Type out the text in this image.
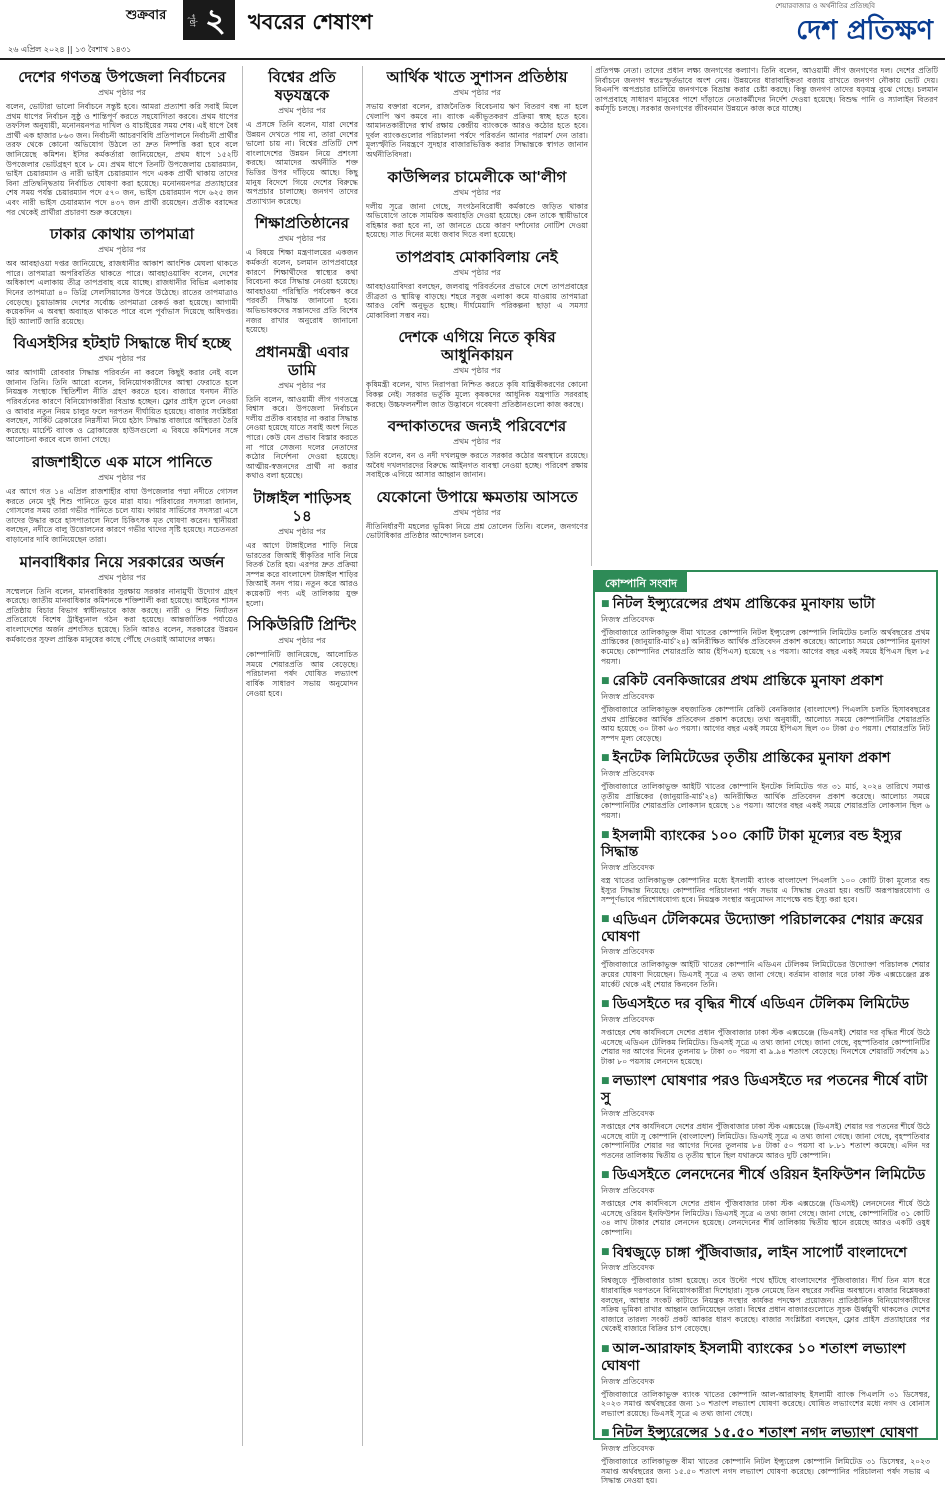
শুক্রবার
২৬ এপ্রিল ২০২৪ || ১৩ বৈশাখ ১৪৩১
পৃষ্ঠা ২ খবরের শেষাংশ
শেয়ারবাজার ও অর্থনীতির প্রতিচ্ছবি
দেশ প্রতিক্ষণ
দেশের গণতন্ত্র উপজেলা নির্বাচনের
প্রথম পৃষ্ঠার পর

বলেন, ভোটারা ভালো নির্বাচনে সন্তুষ্ট হবে। আমরা প্রত্যাশা করি সবাই মিলে প্রথম ধাপের নির্বাচন সুষ্ঠু ও শান্তিপূর্ণ করতে সহযোগিতা করবে। প্রথম ধাপের তফসিল অনুযায়ী, মনোনয়নপত্র দাখিল ও যাচাইয়ের সময় শেষ। এই ধাপে বৈধ প্রার্থী এক হাজার ৮৬৩ জন। নির্বাচনী আচরণবিধি প্রতিপালনে নির্বাচনী প্রার্থীর তরফ থেকে কোনো অভিযোগ উঠলে তা দ্রুত নিষ্পত্তি করা হবে বলে জানিয়েছে কমিশন। ইসির কর্মকর্তারা জানিয়েছেন, প্রথম ধাপে ১৫২টি উপজেলার ভোটগ্রহণ হবে ৮ মে। প্রথম ধাপে তিনটি উপজেলায় চেয়ারম্যান, ভাইস চেয়ারম্যান ও নারী ভাইস চেয়ারম্যান পদে একক প্রার্থী থাকায় তাদের বিনা প্রতিদ্বন্দ্বিতায় নির্বাচিত ঘোষণা করা হয়েছে। মনোনয়নপত্র প্রত্যাহারের শেষ সময় পর্যন্ত চেয়ারম্যান পদে ৫৭০ জন, ভাইস চেয়ারম্যান পদে ৬২৫ জন এবং নারী ভাইস চেয়ারম্যান পদে ৪৩৭ জন প্রার্থী রয়েছেন। প্রতীক বরাদ্দের পর থেকেই প্রার্থীরা প্রচারণা শুরু করেছেন।

ঢাকার কোথায় তাপমাত্রা
প্রথম পৃষ্ঠার পর

অব আবহাওয়া দপ্তর জানিয়েছে, রাজধানীর আকাশ আংশিক মেঘলা থাকতে পারে। তাপমাত্রা অপরিবর্তিত থাকতে পারে। আবহাওয়াবিদ বলেন, দেশের অধিকাংশ এলাকায় তীব্র তাপপ্রবাহ বয়ে যাচ্ছে। রাজধানীর বিভিন্ন এলাকায় দিনের তাপমাত্রা ৪০ ডিগ্রি সেলসিয়াসের উপরে উঠেছে। রাতের তাপমাত্রাও বেড়েছে। চুয়াডাঙ্গায় দেশের সর্বোচ্চ তাপমাত্রা রেকর্ড করা হয়েছে। আগামী কয়েকদিন এ অবস্থা অব্যাহত থাকতে পারে বলে পূর্বাভাস দিয়েছে অধিদপ্তর। হিট অ্যালার্ট জারি রয়েছে।

বিএসইসির হটহাট সিদ্ধান্তে দীর্ঘ হচ্ছে
প্রথম পৃষ্ঠার পর

আর আগামী রোববার সিদ্ধান্ত পরিবর্তন না করলে কিছুই করার নেই বলে জানান তিনি। তিনি আরো বলেন, বিনিয়োগকারীদের আস্থা ফেরাতে হলে নিয়ন্ত্রক সংস্থাকে স্থিতিশীল নীতি গ্রহণ করতে হবে। বাজারে ঘনঘন নীতি পরিবর্তনের কারণে বিনিয়োগকারীরা বিভ্রান্ত হচ্ছেন। ফ্লোর প্রাইস তুলে নেওয়া ও আবার নতুন নিয়ম চালুর ফলে দরপতন দীর্ঘায়িত হয়েছে। বাজার সংশ্লিষ্টরা বলছেন, সার্কিট ব্রেকারের নিম্নসীমা নিয়ে হঠাৎ সিদ্ধান্ত বাজারে অস্থিরতা তৈরি করেছে। মার্চেন্ট ব্যাংক ও ব্রোকারেজ হাউসগুলো এ বিষয়ে কমিশনের সঙ্গে আলোচনা করবে বলে জানা গেছে।

রাজশাহীতে এক মাসে পানিতে
প্রথম পৃষ্ঠার পর

এর আগে গত ১৪ এপ্রিল রাজশাহীর বাঘা উপজেলার পদ্মা নদীতে গোসল করতে নেমে দুই শিশু পানিতে ডুবে মারা যায়। পরিবারের সদস্যরা জানান, গোসলের সময় তারা গভীর পানিতে চলে যায়। ফায়ার সার্ভিসের সদস্যরা এসে তাদের উদ্ধার করে হাসপাতালে নিলে চিকিৎসক মৃত ঘোষণা করেন। স্থানীয়রা বলছেন, নদীতে বালু উত্তোলনের কারণে গভীর খাদের সৃষ্টি হয়েছে। সচেতনতা বাড়ানোর দাবি জানিয়েছেন তারা।

মানবাধিকার নিয়ে সরকারের অর্জন
প্রথম পৃষ্ঠার পর

সম্মেলনে তিনি বলেন, মানবাধিকার সুরক্ষায় সরকার নানামুখী উদ্যোগ গ্রহণ করেছে। জাতীয় মানবাধিকার কমিশনকে শক্তিশালী করা হয়েছে। আইনের শাসন প্রতিষ্ঠায় বিচার বিভাগ স্বাধীনভাবে কাজ করছে। নারী ও শিশু নির্যাতন প্রতিরোধে বিশেষ ট্রাইব্যুনাল গঠন করা হয়েছে। আন্তর্জাতিক পর্যায়েও বাংলাদেশের অর্জন প্রশংসিত হয়েছে। তিনি আরও বলেন, সরকারের উন্নয়ন কর্মকাণ্ডের সুফল প্রান্তিক মানুষের কাছে পৌঁছে দেওয়াই আমাদের লক্ষ্য।

বিশ্বের প্রতি ষড়যন্ত্রকে
প্রথম পৃষ্ঠার পর

এ প্রসঙ্গে তিনি বলেন, যারা দেশের উন্নয়ন দেখতে পায় না, তারা দেশের ভালো চায় না। বিশ্বের প্রতিটি দেশ বাংলাদেশের উন্নয়ন নিয়ে প্রশংসা করছে। আমাদের অর্থনীতি শক্ত ভিত্তির উপর দাঁড়িয়ে আছে। কিছু মানুষ বিদেশে গিয়ে দেশের বিরুদ্ধে অপপ্রচার চালাচ্ছে। জনগণ তাদের প্রত্যাখ্যান করেছে।

শিক্ষাপ্রতিষ্ঠানের
প্রথম পৃষ্ঠার পর

এ বিষয়ে শিক্ষা মন্ত্রণালয়ের একজন কর্মকর্তা বলেন, চলমান তাপপ্রবাহের কারণে শিক্ষার্থীদের স্বাস্থ্যের কথা বিবেচনা করে সিদ্ধান্ত নেওয়া হয়েছে। আবহাওয়া পরিস্থিতি পর্যবেক্ষণ করে পরবর্তী সিদ্ধান্ত জানানো হবে। অভিভাবকদের সন্তানদের প্রতি বিশেষ নজর রাখার অনুরোধ জানানো হয়েছে।

প্রধানমন্ত্রী এবার ডামি
প্রথম পৃষ্ঠার পর

তিনি বলেন, আওয়ামী লীগ গণতন্ত্রে বিশ্বাস করে। উপজেলা নির্বাচনে দলীয় প্রতীক ব্যবহার না করার সিদ্ধান্ত নেওয়া হয়েছে যাতে সবাই অংশ নিতে পারে। কেউ যেন প্রভাব বিস্তার করতে না পারে সেজন্য দলের নেতাদের কঠোর নির্দেশনা দেওয়া হয়েছে। আত্মীয়-স্বজনদের প্রার্থী না করার কথাও বলা হয়েছে।

টাঙ্গাইল শাড়িসহ ১৪
প্রথম পৃষ্ঠার পর

এর আগে টাঙ্গাইলের শাড়ি নিয়ে ভারতের জিআই স্বীকৃতির দাবি নিয়ে বিতর্ক তৈরি হয়। এরপর দ্রুত প্রক্রিয়া সম্পন্ন করে বাংলাদেশ টাঙ্গাইল শাড়ির জিআই সনদ পায়। নতুন করে আরও কয়েকটি পণ্য এই তালিকায় যুক্ত হলো।

সিকিউরিটি প্রিন্টিং
প্রথম পৃষ্ঠার পর

কোম্পানিটি জানিয়েছে, আলোচিত সময়ে শেয়ারপ্রতি আয় বেড়েছে। পরিচালনা পর্ষদ ঘোষিত লভ্যাংশ বার্ষিক সাধারণ সভায় অনুমোদন নেওয়া হবে।

আর্থিক খাতে সুশাসন প্রতিষ্ঠায়
প্রথম পৃষ্ঠার পর

সভায় বক্তারা বলেন, রাজনৈতিক বিবেচনায় ঋণ বিতরণ বন্ধ না হলে খেলাপি ঋণ কমবে না। ব্যাংক একীভূতকরণ প্রক্রিয়া স্বচ্ছ হতে হবে। আমানতকারীদের স্বার্থ রক্ষায় কেন্দ্রীয় ব্যাংককে আরও কঠোর হতে হবে। দুর্বল ব্যাংকগুলোর পরিচালনা পর্ষদে পরিবর্তন আনার পরামর্শ দেন তারা। মূল্যস্ফীতি নিয়ন্ত্রণে সুদহার বাজারভিত্তিক করার সিদ্ধান্তকে স্বাগত জানান অর্থনীতিবিদরা।

কাউন্সিলর চামেলীকে আ'লীগ
প্রথম পৃষ্ঠার পর

দলীয় সূত্রে জানা গেছে, সংগঠনবিরোধী কর্মকাণ্ডে জড়িত থাকার অভিযোগে তাকে সাময়িক অব্যাহতি দেওয়া হয়েছে। কেন তাকে স্থায়ীভাবে বহিষ্কার করা হবে না, তা জানতে চেয়ে কারণ দর্শানোর নোটিশ দেওয়া হয়েছে। সাত দিনের মধ্যে জবাব দিতে বলা হয়েছে।

তাপপ্রবাহ মোকাবিলায় নেই
প্রথম পৃষ্ঠার পর

আবহাওয়াবিদরা বলছেন, জলবায়ু পরিবর্তনের প্রভাবে দেশে তাপপ্রবাহের তীব্রতা ও স্থায়িত্ব বাড়ছে। শহরে সবুজ এলাকা কমে যাওয়ায় তাপমাত্রা আরও বেশি অনুভূত হচ্ছে। দীর্ঘমেয়াদি পরিকল্পনা ছাড়া এ সমস্যা মোকাবিলা সম্ভব নয়।

দেশকে এগিয়ে নিতে কৃষির আধুনিকায়ন
প্রথম পৃষ্ঠার পর

কৃষিমন্ত্রী বলেন, খাদ্য নিরাপত্তা নিশ্চিত করতে কৃষি যান্ত্রিকীকরণের কোনো বিকল্প নেই। সরকার ভর্তুকি মূল্যে কৃষকদের আধুনিক যন্ত্রপাতি সরবরাহ করছে। উচ্চফলনশীল জাত উদ্ভাবনে গবেষণা প্রতিষ্ঠানগুলো কাজ করছে।

বন্দাকাতদের জন্যই পরিবেশের
প্রথম পৃষ্ঠার পর

তিনি বলেন, বন ও নদী দখলমুক্ত করতে সরকার কঠোর অবস্থানে রয়েছে। অবৈধ দখলদারদের বিরুদ্ধে আইনগত ব্যবস্থা নেওয়া হচ্ছে। পরিবেশ রক্ষায় সবাইকে এগিয়ে আসার আহ্বান জানান।

যেকোনো উপায়ে ক্ষমতায় আসতে
প্রথম পৃষ্ঠার পর

নীতিনির্ধারণী মহলের ভূমিকা নিয়ে প্রশ্ন তোলেন তিনি। বলেন, জনগণের ভোটাধিকার প্রতিষ্ঠার আন্দোলন চলবে।

প্রতিপক্ষ নেতা। তাদের প্রধান লক্ষ্য জনগণের কল্যাণ। তিনি বলেন, আওয়ামী লীগ জনগণের দল। দেশের প্রতিটি নির্বাচনে জনগণ স্বতঃস্ফূর্তভাবে অংশ নেয়। উন্নয়নের ধারাবাহিকতা বজায় রাখতে জনগণ নৌকায় ভোট দেয়। বিএনপি অপপ্রচার চালিয়ে জনগণকে বিভ্রান্ত করার চেষ্টা করছে। কিন্তু জনগণ তাদের ষড়যন্ত্র বুঝে গেছে। চলমান তাপপ্রবাহে সাধারণ মানুষের পাশে দাঁড়াতে নেতাকর্মীদের নির্দেশ দেওয়া হয়েছে। বিশুদ্ধ পানি ও স্যালাইন বিতরণ কর্মসূচি চলছে। সরকার জনগণের জীবনমান উন্নয়নে কাজ করে যাচ্ছে।

কোম্পানি সংবাদ
■ নিটল ইন্স্যুরেন্সের প্রথম প্রান্তিকের মুনাফায় ভাটা
নিজস্ব প্রতিবেদক

পুঁজিবাজারে তালিকাভুক্ত বীমা খাতের কোম্পানি নিটল ইন্স্যুরেন্স কোম্পানি লিমিটেড চলতি অর্থবছরের প্রথম প্রান্তিকের (জানুয়ারি-মার্চ'২৪) অনিরীক্ষিত আর্থিক প্রতিবেদন প্রকাশ করেছে। আলোচ্য সময়ে কোম্পানির মুনাফা কমেছে। কোম্পানির শেয়ারপ্রতি আয় (ইপিএস) হয়েছে ৭৪ পয়সা। আগের বছর একই সময়ে ইপিএস ছিল ৮৫ পয়সা।

■ রেকিট বেনকিজারের প্রথম প্রান্তিকে মুনাফা প্রকাশ
নিজস্ব প্রতিবেদক

পুঁজিবাজারে তালিকাভুক্ত বহুজাতিক কোম্পানি রেকিট বেনকিজার (বাংলাদেশ) পিএলসি চলতি হিসাববছরের প্রথম প্রান্তিকের আর্থিক প্রতিবেদন প্রকাশ করেছে। তথ্য অনুযায়ী, আলোচ্য সময়ে কোম্পানিটির শেয়ারপ্রতি আয় হয়েছে ৩০ টাকা ৬৩ পয়সা। আগের বছর একই সময়ে ইপিএস ছিল ৩০ টাকা ৫৩ পয়সা। শেয়ারপ্রতি নিট সম্পদ মূল্য বেড়েছে।

■ ইনটেক লিমিটেডের তৃতীয় প্রান্তিকের মুনাফা প্রকাশ
নিজস্ব প্রতিবেদক

পুঁজিবাজারে তালিকাভুক্ত আইটি খাতের কোম্পানি ইনটেক লিমিটেড গত ৩১ মার্চ, ২০২৪ তারিখে সমাপ্ত তৃতীয় প্রান্তিকের (জানুয়ারি-মার্চ'২৪) অনিরীক্ষিত আর্থিক প্রতিবেদন প্রকাশ করেছে। আলোচ্য সময়ে কোম্পানিটির শেয়ারপ্রতি লোকসান হয়েছে ১৪ পয়সা। আগের বছর একই সময়ে শেয়ারপ্রতি লোকসান ছিল ৬ পয়সা।

■ ইসলামী ব্যাংকের ১০০ কোটি টাকা মূল্যের বন্ড ইস্যুর সিদ্ধান্ত
নিজস্ব প্রতিবেদক

বস্ত্র খাতের তালিকাভুক্ত কোম্পানির মধ্যে ইসলামী ব্যাংক বাংলাদেশ পিএলসি ১০০ কোটি টাকা মূল্যের বন্ড ইস্যুর সিদ্ধান্ত নিয়েছে। কোম্পানির পরিচালনা পর্ষদ সভায় এ সিদ্ধান্ত নেওয়া হয়। বন্ডটি অরূপান্তরযোগ্য ও সম্পূর্ণভাবে পরিশোধযোগ্য হবে। নিয়ন্ত্রক সংস্থার অনুমোদন সাপেক্ষে বন্ড ইস্যু করা হবে।

■ এডিএন টেলিকমের উদ্যোক্তা পরিচালকের শেয়ার ক্রয়ের ঘোষণা
নিজস্ব প্রতিবেদক

পুঁজিবাজারে তালিকাভুক্ত আইটি খাতের কোম্পানি এডিএন টেলিকম লিমিটেডের উদ্যোক্তা পরিচালক শেয়ার ক্রয়ের ঘোষণা দিয়েছেন। ডিএসই সূত্রে এ তথ্য জানা গেছে। বর্তমান বাজার দরে ঢাকা স্টক এক্সচেঞ্জের ব্লক মার্কেট থেকে এই শেয়ার কিনবেন তিনি।

■ ডিএসইতে দর বৃদ্ধির শীর্ষে এডিএন টেলিকম লিমিটেড
নিজস্ব প্রতিবেদক

সপ্তাহের শেষ কার্যদিবসে দেশের প্রধান পুঁজিবাজার ঢাকা স্টক এক্সচেঞ্জে (ডিএসই) শেয়ার দর বৃদ্ধির শীর্ষে উঠে এসেছে এডিএন টেলিকম লিমিটেড। ডিএসই সূত্রে এ তথ্য জানা গেছে। জানা গেছে, বৃহস্পতিবার কোম্পানিটির শেয়ার দর আগের দিনের তুলনায় ৮ টাকা ৩০ পয়সা বা ৯.৯৪ শতাংশ বেড়েছে। দিনশেষে শেয়ারটি সর্বশেষ ৯১ টাকা ৮০ পয়সায় লেনদেন হয়েছে।

■ লভ্যাংশ ঘোষণার পরও ডিএসইতে দর পতনের শীর্ষে বাটা সু
নিজস্ব প্রতিবেদক

সপ্তাহের শেষ কার্যদিবসে দেশের প্রধান পুঁজিবাজার ঢাকা স্টক এক্সচেঞ্জে (ডিএসই) শেয়ার দর পতনের শীর্ষে উঠে এসেছে বাটা সু কোম্পানি (বাংলাদেশ) লিমিটেড। ডিএসই সূত্রে এ তথ্য জানা গেছে। জানা গেছে, বৃহস্পতিবার কোম্পানিটির শেয়ার দর আগের দিনের তুলনায় ৮৪ টাকা ৫০ পয়সা বা ৮.৮১ শতাংশ কমেছে। এদিন দর পতনের তালিকায় দ্বিতীয় ও তৃতীয় স্থানে ছিল যথাক্রমে আরও দুটি কোম্পানি।

■ ডিএসইতে লেনদেনের শীর্ষে ওরিয়ন ইনফিউশন লিমিটেড
নিজস্ব প্রতিবেদক

সপ্তাহের শেষ কার্যদিবসে দেশের প্রধান পুঁজিবাজার ঢাকা স্টক এক্সচেঞ্জে (ডিএসই) লেনদেনের শীর্ষে উঠে এসেছে ওরিয়ন ইনফিউশন লিমিটেড। ডিএসই সূত্রে এ তথ্য জানা গেছে। জানা গেছে, কোম্পানিটির ৩১ কোটি ৩৪ লাখ টাকার শেয়ার লেনদেন হয়েছে। লেনদেনের শীর্ষ তালিকায় দ্বিতীয় স্থানে রয়েছে আরও একটি ওষুধ কোম্পানি।

■ বিশ্বজুড়ে চাঙ্গা পুঁজিবাজার, লাইন সাপোর্ট বাংলাদেশে
নিজস্ব প্রতিবেদক

বিশ্বজুড়ে পুঁজিবাজার চাঙ্গা হয়েছে। তবে উল্টো পথে হাঁটছে বাংলাদেশের পুঁজিবাজার। দীর্ঘ তিন মাস ধরে ধারাবাহিক দরপতনে বিনিয়োগকারীরা দিশেহারা। সূচক নেমেছে তিন বছরের সর্বনিম্ন অবস্থানে। বাজার বিশ্লেষকরা বলছেন, আস্থার সংকট কাটাতে নিয়ন্ত্রক সংস্থার কার্যকর পদক্ষেপ প্রয়োজন। প্রাতিষ্ঠানিক বিনিয়োগকারীদের সক্রিয় ভূমিকা রাখার আহ্বান জানিয়েছেন তারা। বিশ্বের প্রধান বাজারগুলোতে সূচক ঊর্ধ্বমুখী থাকলেও দেশের বাজারে তারল্য সংকট প্রকট আকার ধারণ করেছে। বাজার সংশ্লিষ্টরা বলছেন, ফ্লোর প্রাইস প্রত্যাহারের পর থেকেই বাজারে বিক্রির চাপ বেড়েছে।

■ আল-আরাফাহ ইসলামী ব্যাংকের ১০ শতাংশ লভ্যাংশ ঘোষণা
নিজস্ব প্রতিবেদক

পুঁজিবাজারে তালিকাভুক্ত ব্যাংক খাতের কোম্পানি আল-আরাফাহ ইসলামী ব্যাংক পিএলসি ৩১ ডিসেম্বর, ২০২৩ সমাপ্ত অর্থবছরের জন্য ১০ শতাংশ লভ্যাংশ ঘোষণা করেছে। ঘোষিত লভ্যাংশের মধ্যে নগদ ও বোনাস লভ্যাংশ রয়েছে। ডিএসই সূত্রে এ তথ্য জানা গেছে।

■ নিটল ইন্স্যুরেন্সের ১৫.৫০ শতাংশ নগদ লভ্যাংশ ঘোষণা
নিজস্ব প্রতিবেদক

পুঁজিবাজারে তালিকাভুক্ত বীমা খাতের কোম্পানি নিটল ইন্স্যুরেন্স কোম্পানি লিমিটেড ৩১ ডিসেম্বর, ২০২৩ সমাপ্ত অর্থবছরের জন্য ১৫.৫০ শতাংশ নগদ লভ্যাংশ ঘোষণা করেছে। কোম্পানির পরিচালনা পর্ষদ সভায় এ সিদ্ধান্ত নেওয়া হয়।
